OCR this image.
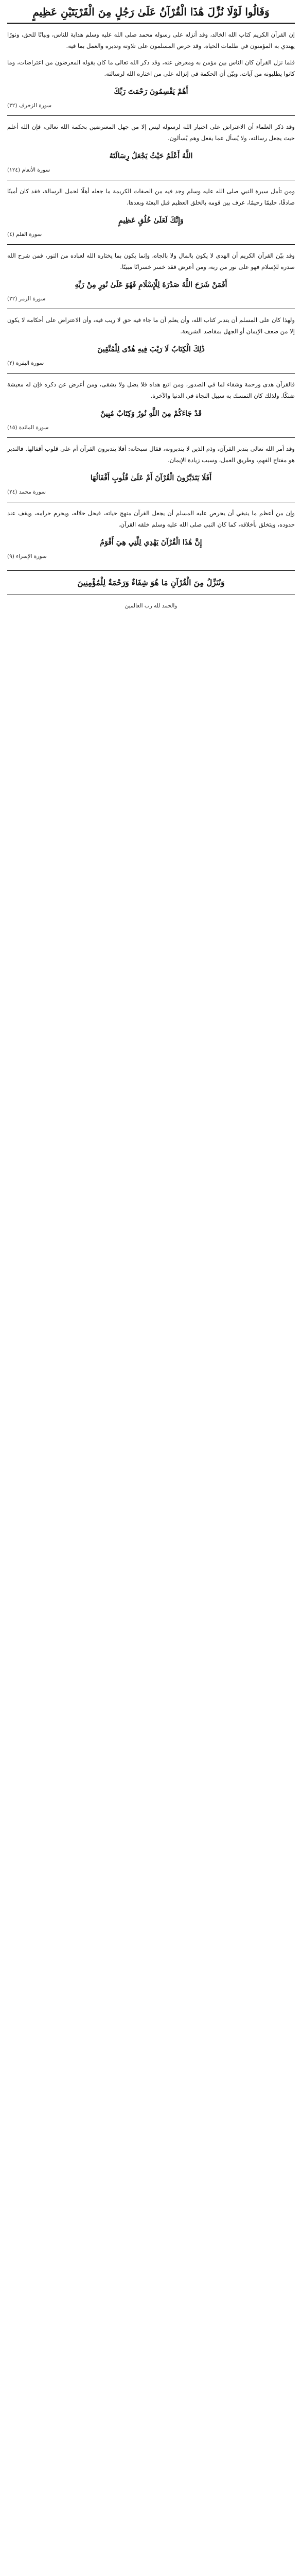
وَقَالُوا لَوْلَا نُزِّلَ هَٰذَا الْقُرْآنُ عَلَىٰ رَجُلٍ مِنَ الْقَرْيَتَيْنِ عَظِيمٍ

إن القرآن الكريم كتاب الله الخالد، وقد أنزله على رسوله محمد صلى الله عليه وسلم هداية للناس، وبيانًا للحق، ونورًا يهتدي به المؤمنون في ظلمات الحياة. وقد حرص المسلمون على تلاوته وتدبره والعمل بما فيه.

فلما نزل القرآن كان الناس بين مؤمن به ومعرض عنه، وقد ذكر الله تعالى ما كان يقوله المعرضون من اعتراضات، وما كانوا يطلبونه من آيات، وبيّن أن الحكمة في إنزاله على من اختاره الله لرسالته.

أَهُمْ يَقْسِمُونَ رَحْمَتَ رَبِّكَ
سورة الزخرف (٣٢)

وقد ذكر العلماء أن الاعتراض على اختيار الله لرسوله ليس إلا من جهل المعترضين بحكمة الله تعالى، فإن الله أعلم حيث يجعل رسالته، ولا يُسأل عما يفعل وهم يُسألون.

اللَّهُ أَعْلَمُ حَيْثُ يَجْعَلُ رِسَالَتَهُ
سورة الأنعام (١٢٤)

ومن تأمل سيرة النبي صلى الله عليه وسلم وجد فيه من الصفات الكريمة ما جعله أهلًا لحمل الرسالة، فقد كان أمينًا صادقًا، حليمًا رحيمًا، عرف بين قومه بالخلق العظيم قبل البعثة وبعدها.

وَإِنَّكَ لَعَلَىٰ خُلُقٍ عَظِيمٍ
سورة القلم (٤)

وقد بيّن القرآن الكريم أن الهدى لا يكون بالمال ولا بالجاه، وإنما يكون بما يختاره الله لعباده من النور، فمن شرح الله صدره للإسلام فهو على نور من ربه، ومن أعرض فقد خسر خسرانًا مبينًا.

أَفَمَنْ شَرَحَ اللَّهُ صَدْرَهُ لِلْإِسْلَامِ فَهُوَ عَلَىٰ نُورٍ مِنْ رَبِّهِ
سورة الزمر (٢٢)

ولهذا كان على المسلم أن يتدبر كتاب الله، وأن يعلم أن ما جاء فيه حق لا ريب فيه، وأن الاعتراض على أحكامه لا يكون إلا من ضعف الإيمان أو الجهل بمقاصد الشريعة.

ذَٰلِكَ الْكِتَابُ لَا رَيْبَ فِيهِ هُدًى لِلْمُتَّقِينَ
سورة البقرة (٢)

فالقرآن هدى ورحمة وشفاء لما في الصدور، ومن اتبع هداه فلا يضل ولا يشقى، ومن أعرض عن ذكره فإن له معيشة ضنكًا. ولذلك كان التمسك به سبيل النجاة في الدنيا والآخرة.

قَدْ جَاءَكُمْ مِنَ اللَّهِ نُورٌ وَكِتَابٌ مُبِينٌ
سورة المائدة (١٥)

وقد أمر الله تعالى بتدبر القرآن، وذم الذين لا يتدبرونه، فقال سبحانه: أفلا يتدبرون القرآن أم على قلوب أقفالها. فالتدبر هو مفتاح الفهم، وطريق العمل، وسبب زيادة الإيمان.

أَفَلَا يَتَدَبَّرُونَ الْقُرْآنَ أَمْ عَلَىٰ قُلُوبٍ أَقْفَالُهَا
سورة محمد (٢٤)

وإن من أعظم ما ينبغي أن يحرص عليه المسلم أن يجعل القرآن منهج حياته، فيحل حلاله، ويحرم حرامه، ويقف عند حدوده، ويتخلق بأخلاقه، كما كان النبي صلى الله عليه وسلم خلقه القرآن.

إِنَّ هَٰذَا الْقُرْآنَ يَهْدِي لِلَّتِي هِيَ أَقْوَمُ
سورة الإسراء (٩)
وَنُنَزِّلُ مِنَ الْقُرْآنِ مَا هُوَ شِفَاءٌ وَرَحْمَةٌ لِلْمُؤْمِنِينَ
والحمد لله رب العالمين
